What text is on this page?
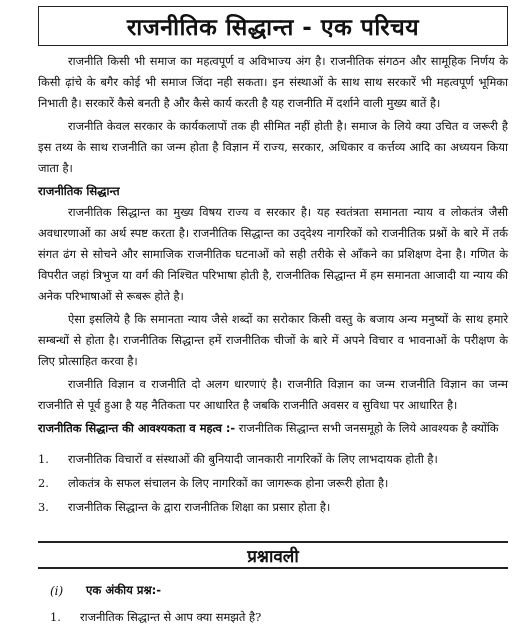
राजनीतिक सिद्धान्त - एक परिचय

राजनीति किसी भी समाज का महत्वपूर्ण व अविभाज्य अंग है। राजनीतिक संगठन और सामूहिक निर्णय के किसी ढ़ांचे के बगैर कोई भी समाज जिंदा नही सकता। इन संस्थाओं के साथ साथ सरकारें भी महत्वपूर्ण भूमिका निभाती है। सरकारें कैसे बनती है और कैसे कार्य करती है यह राजनीति में दर्शाने वाली मुख्य बातें है।

राजनीति केवल सरकार के कार्यकलापों तक ही सीमित नहीं होती है। समाज के लिये क्या उचित व जरूरी है इस तथ्य के साथ राजनीति का जन्म होता है विज्ञान में राज्य, सरकार, अधिकार व कर्त्तव्य आदि का अध्ययन किया जाता है।

राजनीतिक सिद्धान्त

राजनीतिक सिद्धान्त का मुख्य विषय राज्य व सरकार है। यह स्वतंत्रता समानता न्याय व लोकतंत्र जैसी अवधारणाओं का अर्थ स्पष्ट करता है। राजनीतिक सिद्धान्त का उद्‌देश्य नागरिकों को राजनीतिक प्रश्नों के बारे में तर्क संगत ढंग से सोचने और सामाजिक राजनीतिक घटनाओं को सही तरीके से आँकने का प्रशिक्षण देना है। गणित के विपरीत जहां त्रिभुज या वर्ग की निश्चित परिभाषा होती है, राजनीतिक सिद्धान्त में हम समानता आजादी या न्याय की अनेक परिभाषाओं से रूबरू होते है।

ऐसा इसलिये है कि समानता न्याय जैसे शब्दों का सरोकार किसी वस्तु के बजाय अन्य मनुष्यों के साथ हमारे सम्बन्धों से होता है। राजनीतिक सिद्धान्त हमें राजनीतिक चीजों के बारे में अपने विचार व भावनाओं के परीक्षण के लिए प्रोत्साहित करवा है।

राजनीति विज्ञान व राजनीति दो अलग धारणाएं है। राजनीति विज्ञान का जन्म राजनीति विज्ञान का जन्म राजनीति से पूर्व हुआ है यह नैतिकता पर आधारित है जबकि राजनीति अवसर व सुविधा पर आधारित है।

राजनीतिक सिद्धान्त की आवश्यकता व महत्व :- राजनीतिक सिद्धान्त सभी जनसमूहो के लिये आवश्यक है क्योंकि

1.	राजनीतिक विचारों व संस्थाओं की बुनियादी जानकारी नागरिकों के लिए लाभदायक होती है।
2.	लोकतंत्र के सफल संचालन के लिए नागरिकों का जागरूक होना जरूरी होता है।
3.	राजनीतिक सिद्धान्त के द्वारा राजनीतिक शिक्षा का प्रसार होता है।
प्रश्नावली
(i)	एक अंकीय प्रश्न:-
1.	राजनीतिक सिद्धान्त से आप क्या समझते है?
